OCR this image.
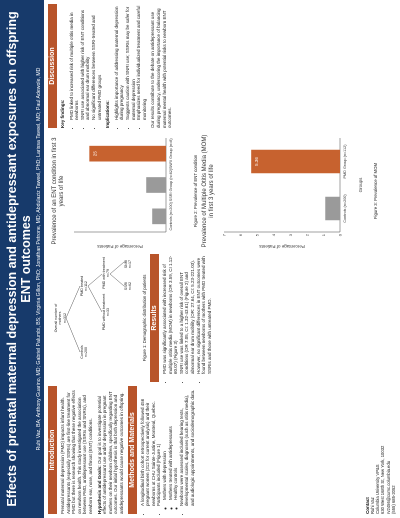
Effects of prenatal maternal depression and antidepressant exposures on offspring ENT outcomes Ruhi Vaz, BA; Anthony Guarino, MD; Gabriel Palumbi, BS; Virginia Gillon, PhD; Jonathan Petrone, MD; Abdulaziz Taweel, PhD; Larissa Taveel, MD; Paul Adewole, MD Introduction Prenatal maternal depression (PMD) impacts infant health. Antidepressants (especially SSRIs) are first-line treatment for PMD but there is research showing that these negative effects on newborn health. This study investigated the association between PMD, antidepressant use (SSRIs and SNRIs), and newborn ear, nose, and throat (ENT) conditions. Hypothesis and Goals: Our goal is to investigate potential effects of antidepressant use and/or depression in pregnant mothers on their newborn children, specifically regarding ENT outcomes. Our initial hypothesis is that both depression and antidepressants would cause negative outcomes in offspring. Methods and Materials • A longitudinal birth cohort retrospectively followed 456 pregnant women (312 for current analysis) and their newborns at CHU Sainte-Justine, Montreal, Quebec. • Participants included (Figure 1) ◦ Mothers with depression ◦ Mothers treated with antidepressants ◦ Healthy controls • Newborns were assessed included hearing tests, developmental scales, diagnoses (such as otitis media), and audiologic appointments, and sociodemographic data.	Contact
Ruhi Vaz
Columbia University VP&S
630 West 168th St, New York, 10032
rv2456@cumc.columbia.edu
(555) 685-2052
Overall number of mothers
n=312
Controls
n=200
PMD treated
n=112
PMD without treatment
n=33
PMD with treatment
n=79
SSRI
n=62
SNRI
n=17
Figure 1: Demographic distribution of patients Results • PMD was significantly associated with increased risk of multiple otitis media (MOM) in newborns (OR 3.59, CI 1.12-60.07) (Figure 3) • SNRI use was linked to a higher risk of overall ENT conditions (OR 7.05, CI: 1.32-43.61) (Figure 2) and abnormal ear drum mobility (OR: 27.64, CI: 5.23-221.03). • However, no significant differences in ENT outcomes were found between newborns of mothers with PMD treated with SSRIs and those with untreated PMD.
Prevalence of an ENT condition in first 3 years of life
Controls (n=200)
SSRI Group (n=62)
25	SNRI Group (n=8)
Percentage of Patients
Figure 2: Prevalence of ENT condition Prevalence of Multiple Otitis Media (MOM) in first 3 years of life
0
1
2
3
4
5
6
7
Controls (n=200)
5.36	PMD Group (n=112)
Percentage of Patients
Groups Figure 3: Prevalence of MOM
Discussion

Key findings: • PMD linked to increased risk of multiple otitis media in newborns • SNRI use associated with higher risk of ENT conditions and abnormal ear drum mobility • No significant differences between SSRI-treated and untreated PMD groups Implications: • Highlights importance of addressing maternal depression during pregnancy • Suggests caution with SNRI use; SSRIs may be safer for maternal depression • Emphasizes need for individualized treatment and careful monitoring Our results contribute to the debate on antidepressant use during pregnancy, underscoring the importance of balancing maternal mental health with potential risks to newborn ENT outcomes.
